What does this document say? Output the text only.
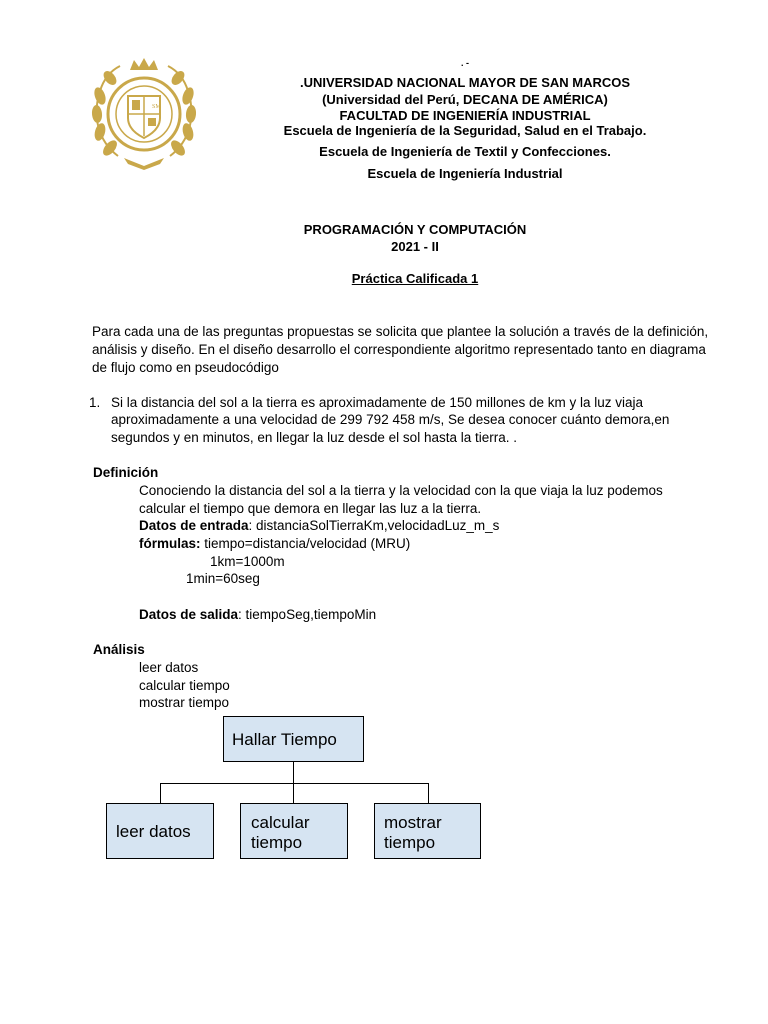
SM
. -
.UNIVERSIDAD NACIONAL MAYOR DE SAN MARCOS
(Universidad del Perú, DECANA DE AMÉRICA)
FACULTAD DE INGENIERÍA INDUSTRIAL
Escuela de Ingeniería de la Seguridad, Salud en el Trabajo.
Escuela de Ingeniería de Textil y Confecciones.
Escuela de Ingeniería Industrial
PROGRAMACIÓN Y COMPUTACIÓN
2021 - II
Práctica Calificada 1
Para cada una de las preguntas propuestas se solicita que plantee la solución a través de la definición,
análisis y diseño. En el diseño desarrollo el correspondiente algoritmo representado tanto en diagrama
de flujo como en pseudocódigo
1. Si la distancia del sol a la tierra es aproximadamente de 150 millones de km y la luz viaja
aproximadamente a una velocidad de 299 792 458 m/s, Se desea conocer cuánto demora,en
segundos y en minutos, en llegar la luz desde el sol hasta la tierra. .
Definición
Conociendo la distancia del sol a la tierra y la velocidad con la que viaja la luz podemos
calcular el tiempo que demora en llegar las luz a la tierra.
Datos de entrada: distanciaSolTierraKm,velocidadLuz_m_s
fórmulas: tiempo=distancia/velocidad (MRU)
1km=1000m
1min=60seg
Datos de salida: tiempoSeg,tiempoMin
Análisis
leer datos
calcular tiempo
mostrar tiempo
Hallar Tiempo
leer datos	calcular
tiempo
mostrar
tiempo
